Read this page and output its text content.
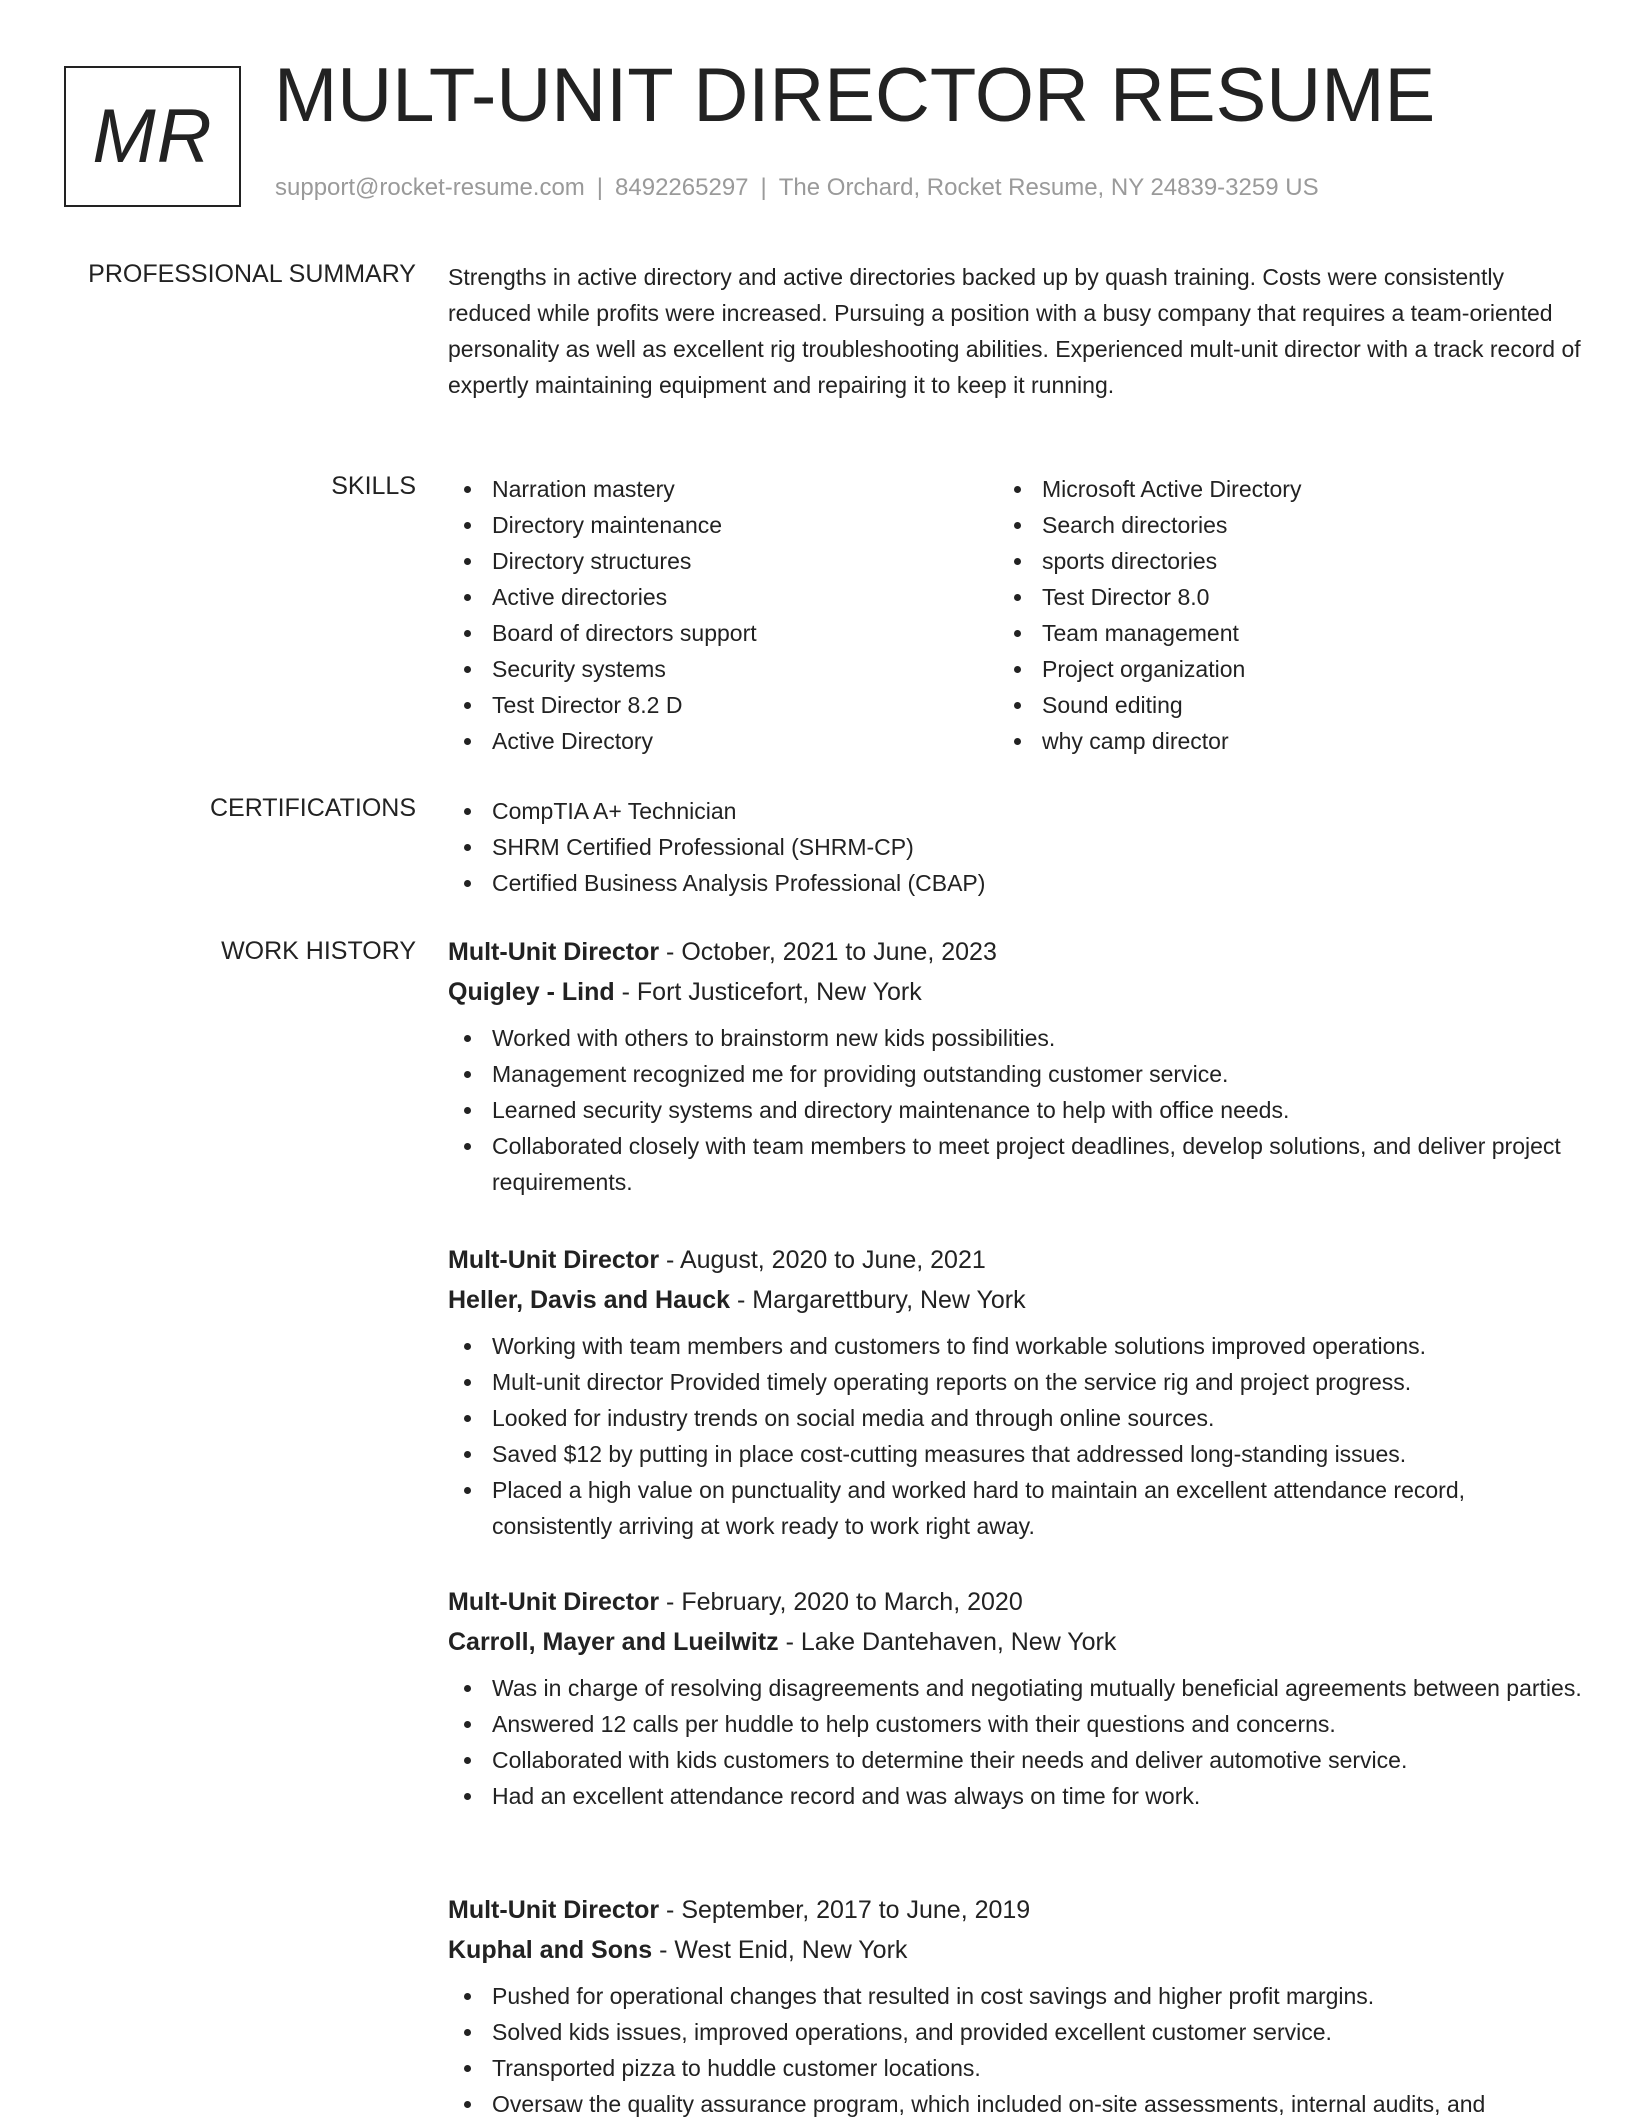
MR MULT-UNIT DIRECTOR RESUME
support@rocket-resume.com | 8492265297 | The Orchard, Rocket Resume, NY 24839-3259 US
PROFESSIONAL SUMMARY Strengths in active directory and active directories backed up by quash training. Costs were consistently reduced while profits were increased. Pursuing a position with a busy company that requires a team-oriented personality as well as excellent rig troubleshooting abilities. Experienced mult-unit director with a track record of expertly maintaining equipment and repairing it to keep it running.

SKILLS	Narration mastery
Directory maintenance
Directory structures
Active directories
Board of directors support
Security systems
Test Director 8.2 D
Active Directory
Microsoft Active Directory
Search directories
sports directories
Test Director 8.0
Team management
Project organization
Sound editing
why camp director
CERTIFICATIONS	CompTIA A+ Technician
SHRM Certified Professional (SHRM-CP)
Certified Business Analysis Professional (CBAP)
WORK HISTORY Mult-Unit Director - October, 2021 to June, 2023
Quigley - Lind - Fort Justicefort, New York
Worked with others to brainstorm new kids possibilities.
Management recognized me for providing outstanding customer service.
Learned security systems and directory maintenance to help with office needs.
Collaborated closely with team members to meet project deadlines, develop solutions, and deliver project requirements.
Mult-Unit Director - August, 2020 to June, 2021
Heller, Davis and Hauck - Margarettbury, New York
Working with team members and customers to find workable solutions improved operations.
Mult-unit director Provided timely operating reports on the service rig and project progress.
Looked for industry trends on social media and through online sources.
Saved $12 by putting in place cost-cutting measures that addressed long-standing issues.
Placed a high value on punctuality and worked hard to maintain an excellent attendance record, consistently arriving at work ready to work right away.
Mult-Unit Director - February, 2020 to March, 2020
Carroll, Mayer and Lueilwitz - Lake Dantehaven, New York
Was in charge of resolving disagreements and negotiating mutually beneficial agreements between parties.
Answered 12 calls per huddle to help customers with their questions and concerns.
Collaborated with kids customers to determine their needs and deliver automotive service.
Had an excellent attendance record and was always on time for work.
Mult-Unit Director - September, 2017 to June, 2019
Kuphal and Sons - West Enid, New York
Pushed for operational changes that resulted in cost savings and higher profit margins.
Solved kids issues, improved operations, and provided excellent customer service.
Transported pizza to huddle customer locations.
Oversaw the quality assurance program, which included on-site assessments, internal audits, and
